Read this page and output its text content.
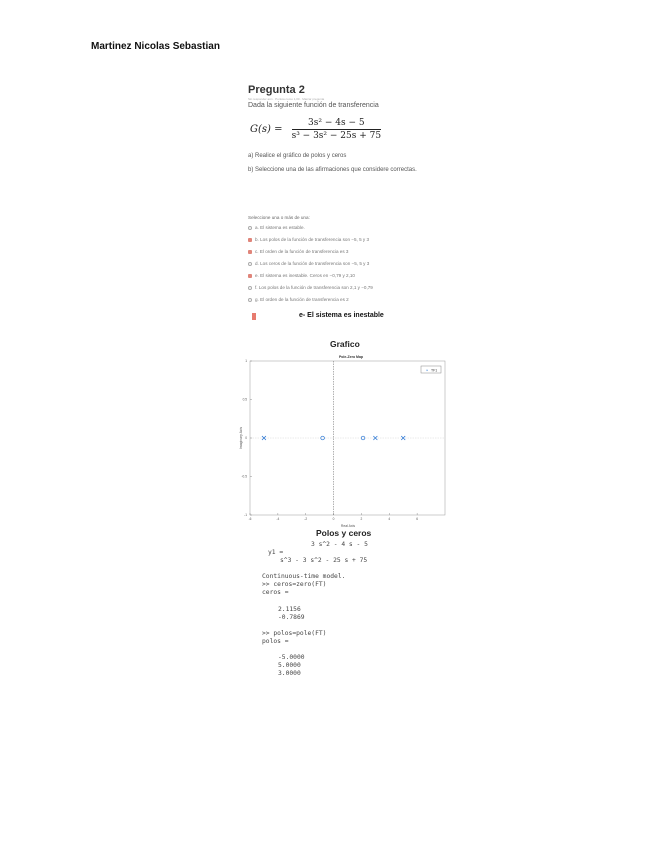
Martinez Nicolas Sebastian
Pregunta 2
Sin responder aún · Puntúa como 1,00 · Marcar pregunta
Dada la siguiente función de transferencia
$G(s) = \frac{\text{3s² − 4s − 5}}{\text{s³ − 3s² − 25s + 75}}$
a) Realice el gráfico de polos y ceros
b) Seleccione una de las afirmaciones que considere correctas.
Seleccione una o más de una:
a. El sistema es estable.
b. Los polos de la función de transferencia son −5, 5 y 3
c. El orden de la función de transferencia es 3
d. Los ceros de la función de transferencia son −5, 5 y 3
e. El sistema es inestable. Ceros en −0,79 y 2,10
f. Los polos de la función de transferencia son 2,1 y −0,79
g. El orden de la función de transferencia es 2
e- El sistema es inestable
Grafico
Pole-Zero Map
1
0.5
0
-0.5
-1
-6	-4	-2	0	2	4	6
× TF1
Imaginary Axis
Real Axis
Polos y ceros
3 s^2 - 4 s - 5
y1 =
s^3 - 3 s^2 - 25 s + 75
Continuous-time model.
>> ceros=zero(FT)
ceros =
2.1156
-0.7869
>> polos=pole(FT)
polos =
-5.0000
5.0000
3.0000
